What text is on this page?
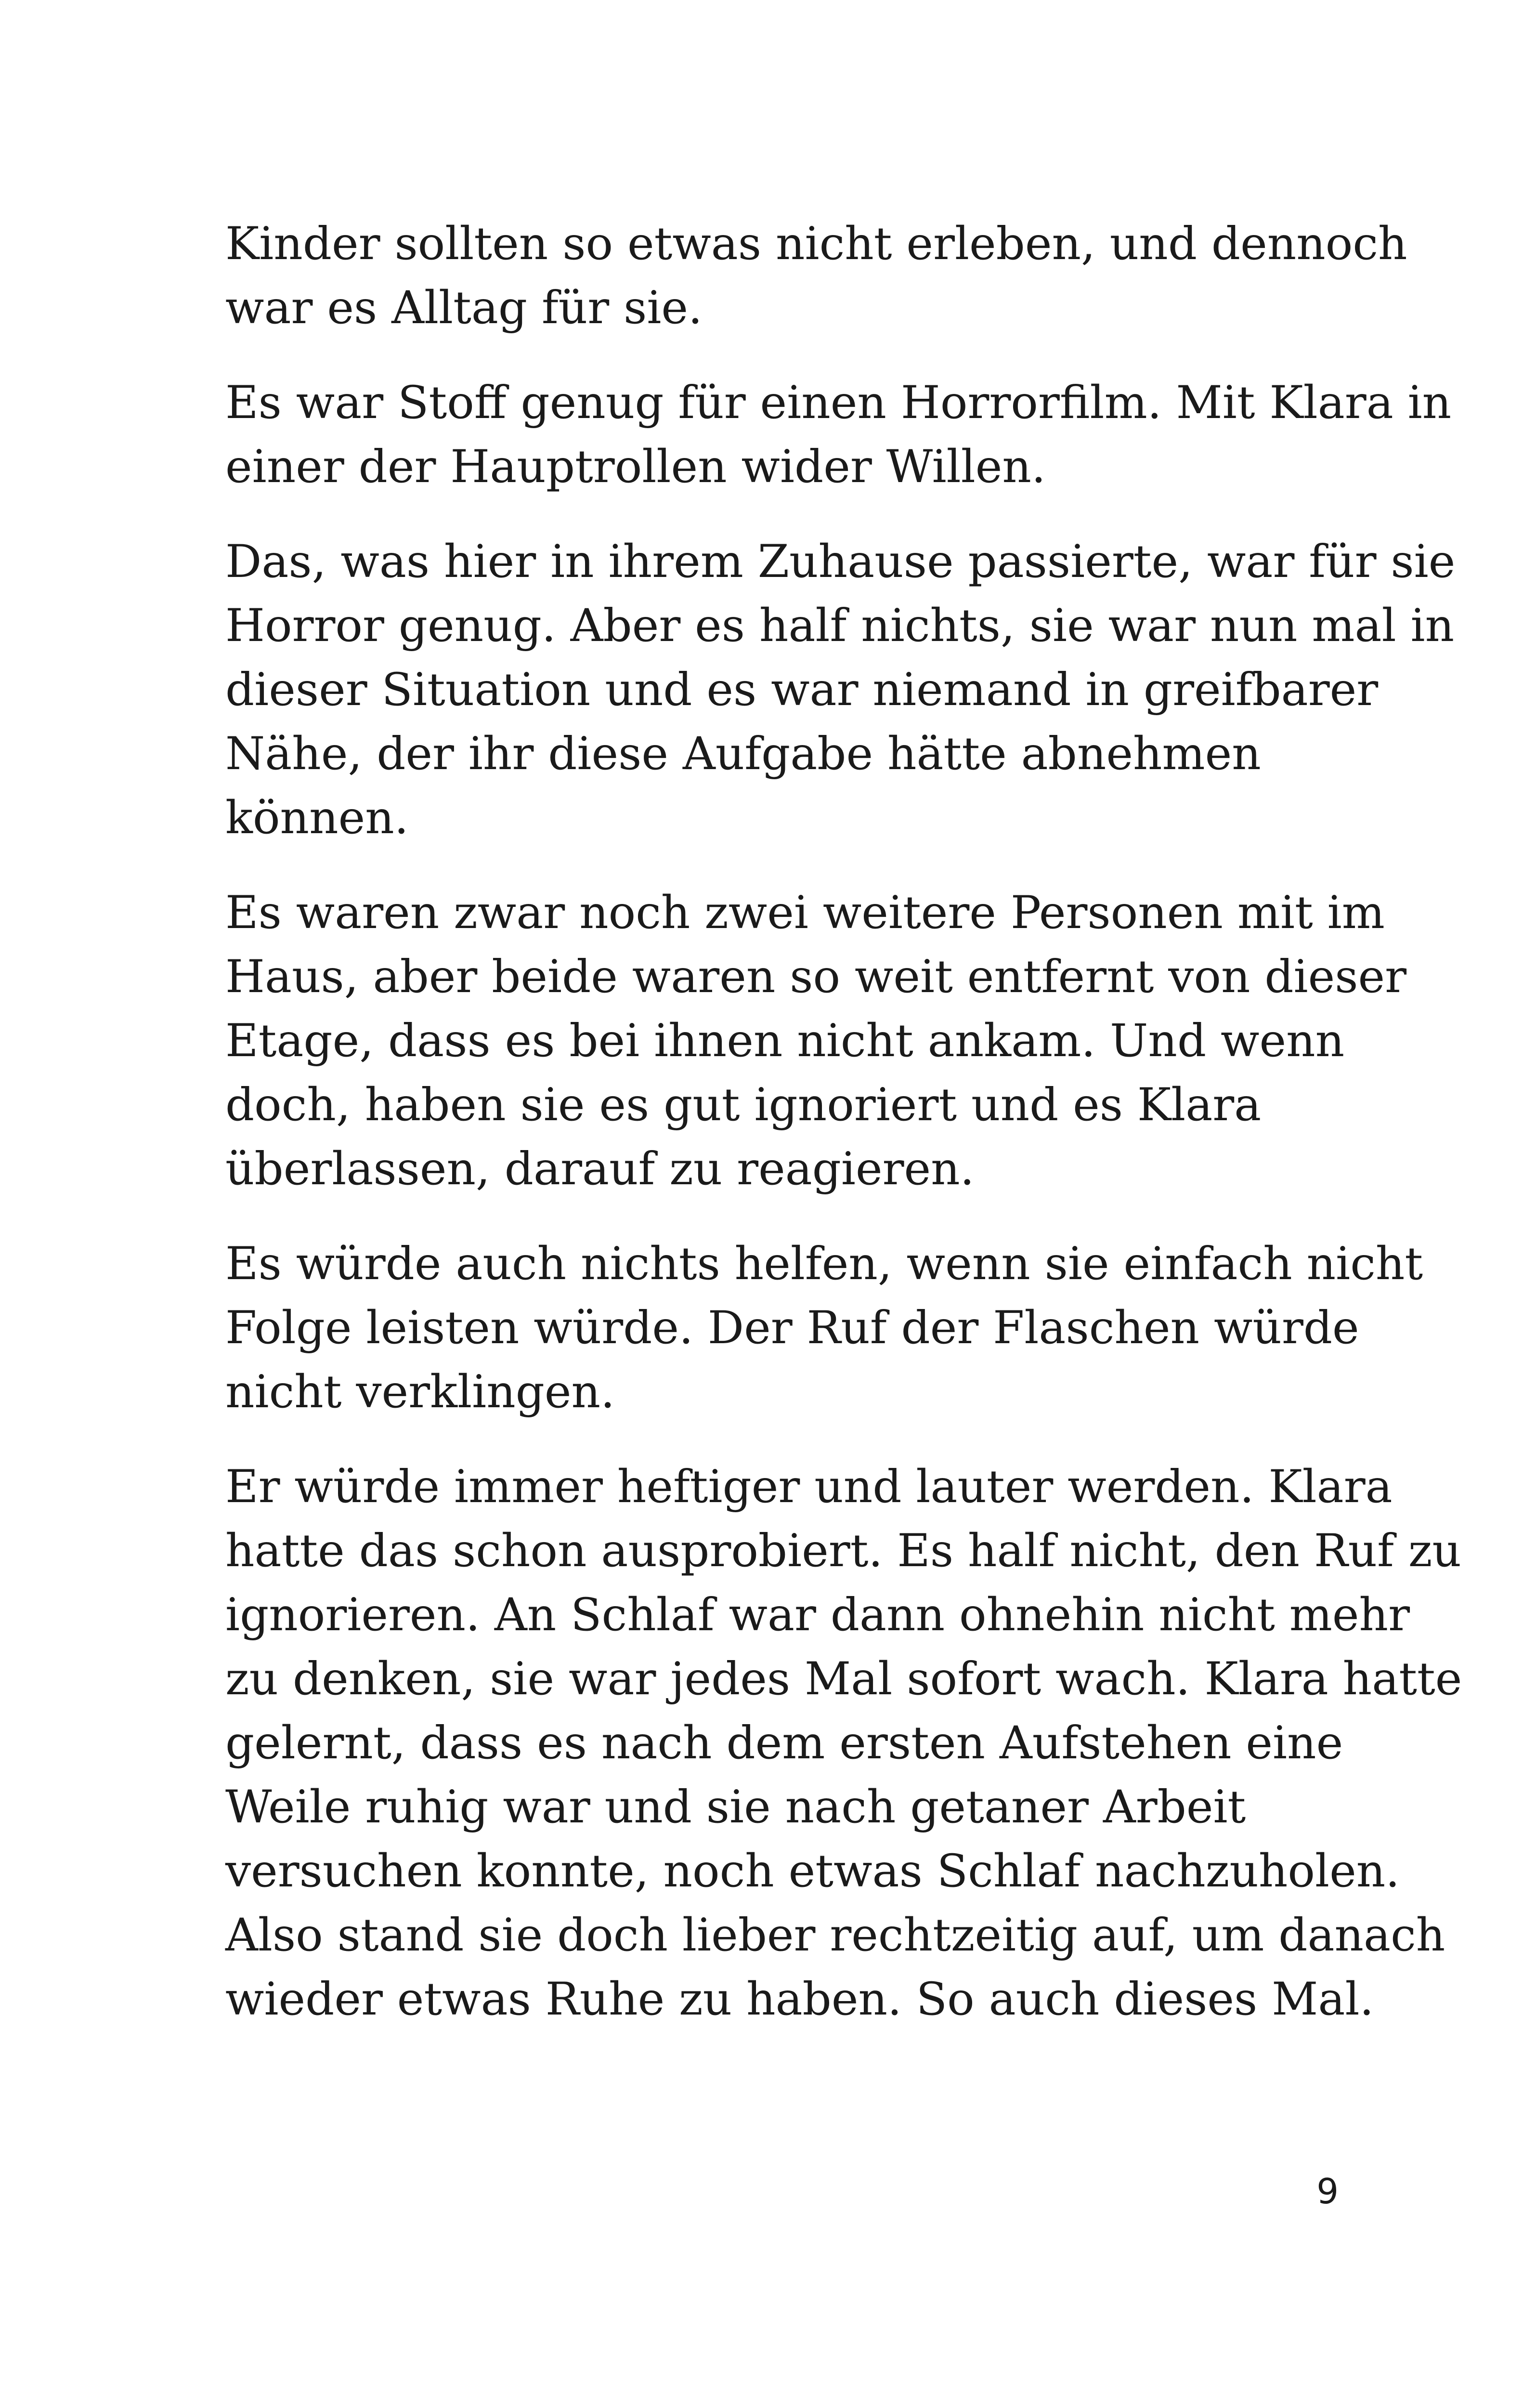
Kinder sollten so etwas nicht erleben, und dennoch
war es Alltag für sie.

Es war Stoff genug für einen Horrorfilm. Mit Klara in
einer der Hauptrollen wider Willen.

Das, was hier in ihrem Zuhause passierte, war für sie
Horror genug. Aber es half nichts, sie war nun mal in
dieser Situation und es war niemand in greifbarer
Nähe, der ihr diese Aufgabe hätte abnehmen
können.

Es waren zwar noch zwei weitere Personen mit im
Haus, aber beide waren so weit entfernt von dieser
Etage, dass es bei ihnen nicht ankam. Und wenn
doch, haben sie es gut ignoriert und es Klara
überlassen, darauf zu reagieren.

Es würde auch nichts helfen, wenn sie einfach nicht
Folge leisten würde. Der Ruf der Flaschen würde
nicht verklingen.

Er würde immer heftiger und lauter werden. Klara
hatte das schon ausprobiert. Es half nicht, den Ruf zu
ignorieren. An Schlaf war dann ohnehin nicht mehr
zu denken, sie war jedes Mal sofort wach. Klara hatte
gelernt, dass es nach dem ersten Aufstehen eine
Weile ruhig war und sie nach getaner Arbeit
versuchen konnte, noch etwas Schlaf nachzuholen.
Also stand sie doch lieber rechtzeitig auf, um danach
wieder etwas Ruhe zu haben. So auch dieses Mal.

9
